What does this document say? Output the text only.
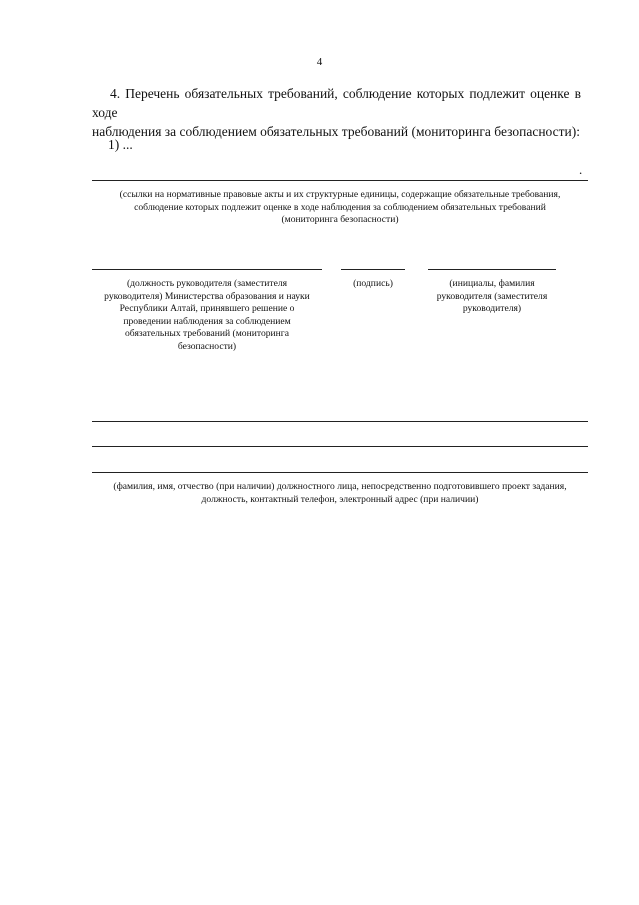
4
4. Перечень обязательных требований, соблюдение которых подлежит оценке в ходе
наблюдения за соблюдением обязательных требований (мониторинга безопасности):
1) ...
.
(ссылки на нормативные правовые акты и их структурные единицы, содержащие обязательные требования,
соблюдение которых подлежит оценке в ходе наблюдения за соблюдением обязательных требований
(мониторинга безопасности)
(должность руководителя (заместителя
руководителя) Министерства образования и науки
Республики Алтай, принявшего решение о
проведении наблюдения за соблюдением
обязательных требований (мониторинга
безопасности)
(подпись)	(инициалы, фамилия
руководителя (заместителя
руководителя)
(фамилия, имя, отчество (при наличии) должностного лица, непосредственно подготовившего проект задания,
должность, контактный телефон, электронный адрес (при наличии)
